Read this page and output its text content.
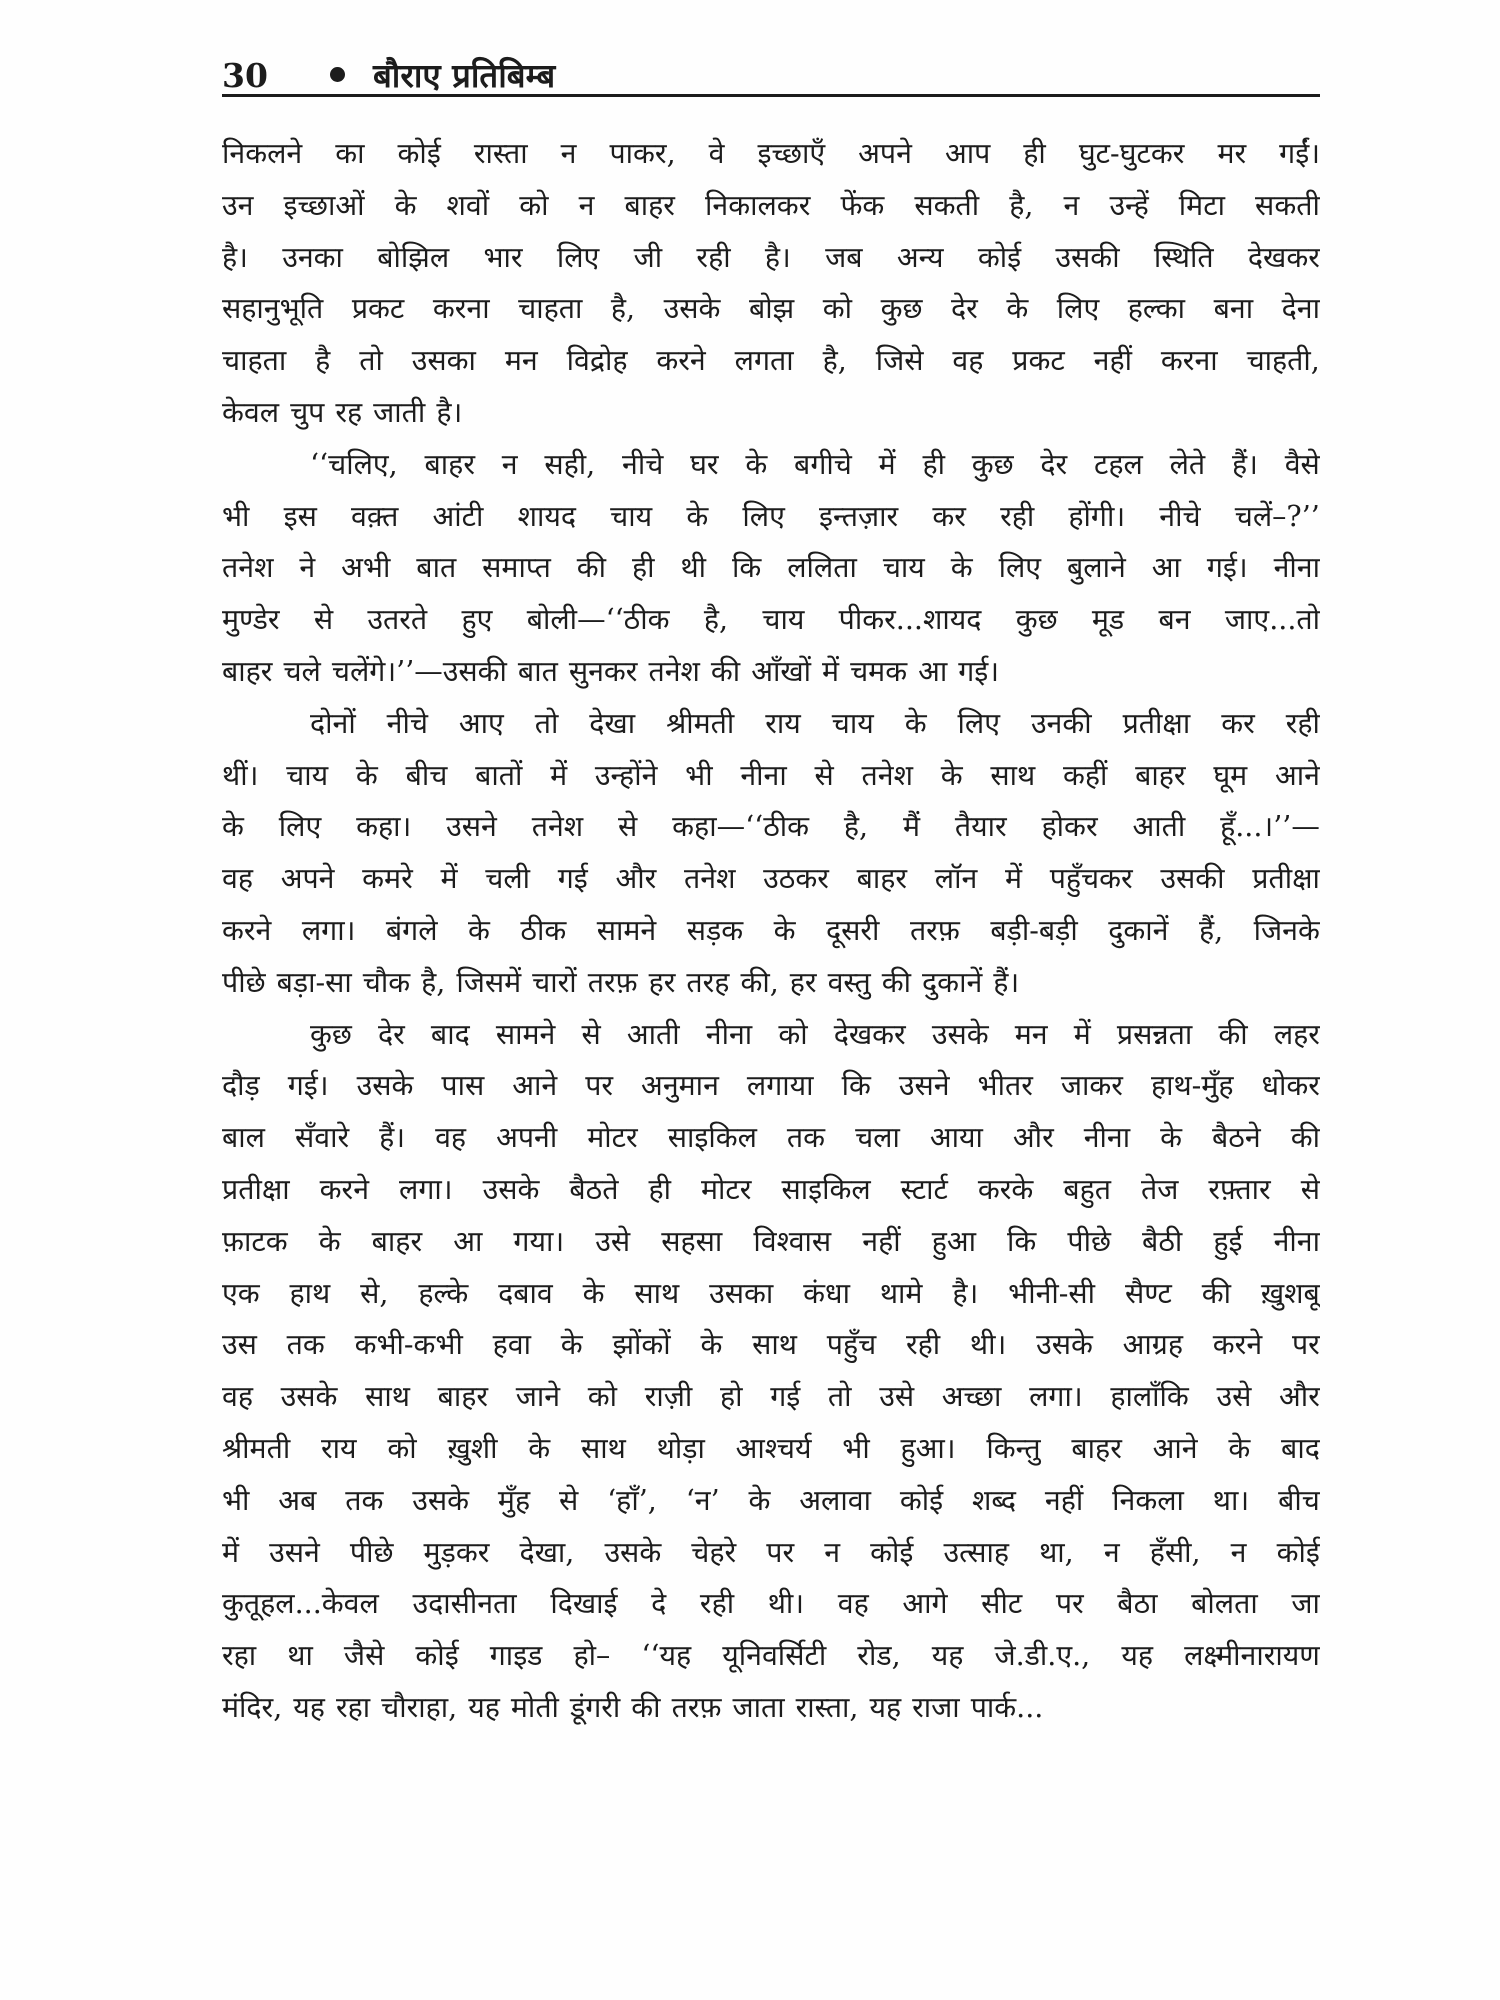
30	बौराए प्रतिबिम्ब
निकलने का कोई रास्ता न पाकर, वे इच्छाएँ अपने आप ही घुट-घुटकर मर गईं।
उन इच्छाओं के शवों को न बाहर निकालकर फेंक सकती है, न उन्हें मिटा सकती
है। उनका बोझिल भार लिए जी रही है। जब अन्य कोई उसकी स्थिति देखकर
सहानुभूति प्रकट करना चाहता है, उसके बोझ को कुछ देर के लिए हल्का बना देना
चाहता है तो उसका मन विद्रोह करने लगता है, जिसे वह प्रकट नहीं करना चाहती,
केवल चुप रह जाती है।
‘‘चलिए, बाहर न सही, नीचे घर के बगीचे में ही कुछ देर टहल लेते हैं। वैसे
भी इस वक़्त आंटी शायद चाय के लिए इन्तज़ार कर रही होंगी। नीचे चलें–?’’
तनेश ने अभी बात समाप्त की ही थी कि ललिता चाय के लिए बुलाने आ गई। नीना
मुण्डेर से उतरते हुए बोली—‘‘ठीक है, चाय पीकर...शायद कुछ मूड बन जाए...तो
बाहर चले चलेंगे।’’—उसकी बात सुनकर तनेश की आँखों में चमक आ गई।
दोनों नीचे आए तो देखा श्रीमती राय चाय के लिए उनकी प्रतीक्षा कर रही
थीं। चाय के बीच बातों में उन्होंने भी नीना से तनेश के साथ कहीं बाहर घूम आने
के लिए कहा। उसने तनेश से कहा—‘‘ठीक है, मैं तैयार होकर आती हूँ...।’’—
वह अपने कमरे में चली गई और तनेश उठकर बाहर लॉन में पहुँचकर उसकी प्रतीक्षा
करने लगा। बंगले के ठीक सामने सड़क के दूसरी तरफ़ बड़ी-बड़ी दुकानें हैं, जिनके
पीछे बड़ा-सा चौक है, जिसमें चारों तरफ़ हर तरह की, हर वस्तु की दुकानें हैं।
कुछ देर बाद सामने से आती नीना को देखकर उसके मन में प्रसन्नता की लहर
दौड़ गई। उसके पास आने पर अनुमान लगाया कि उसने भीतर जाकर हाथ-मुँह धोकर
बाल सँवारे हैं। वह अपनी मोटर साइकिल तक चला आया और नीना के बैठने की
प्रतीक्षा करने लगा। उसके बैठते ही मोटर साइकिल स्टार्ट करके बहुत तेज रफ़्तार से
फ़ाटक के बाहर आ गया। उसे सहसा विश्वास नहीं हुआ कि पीछे बैठी हुई नीना
एक हाथ से, हल्के दबाव के साथ उसका कंधा थामे है। भीनी-सी सैण्ट की ख़ुशबू
उस तक कभी-कभी हवा के झोंकों के साथ पहुँच रही थी। उसके आग्रह करने पर
वह उसके साथ बाहर जाने को राज़ी हो गई तो उसे अच्छा लगा। हालाँकि उसे और
श्रीमती राय को ख़ुशी के साथ थोड़ा आश्चर्य भी हुआ। किन्तु बाहर आने के बाद
भी अब तक उसके मुँह से ‘हाँ’, ‘न’ के अलावा कोई शब्द नहीं निकला था। बीच
में उसने पीछे मुड़कर देखा, उसके चेहरे पर न कोई उत्साह था, न हँसी, न कोई
कुतूहल...केवल उदासीनता दिखाई दे रही थी। वह आगे सीट पर बैठा बोलता जा
रहा था जैसे कोई गाइड हो– ‘‘यह यूनिवर्सिटी रोड, यह जे.डी.ए., यह लक्ष्मीनारायण
मंदिर, यह रहा चौराहा, यह मोती डूंगरी की तरफ़ जाता रास्ता, यह राजा पार्क...
